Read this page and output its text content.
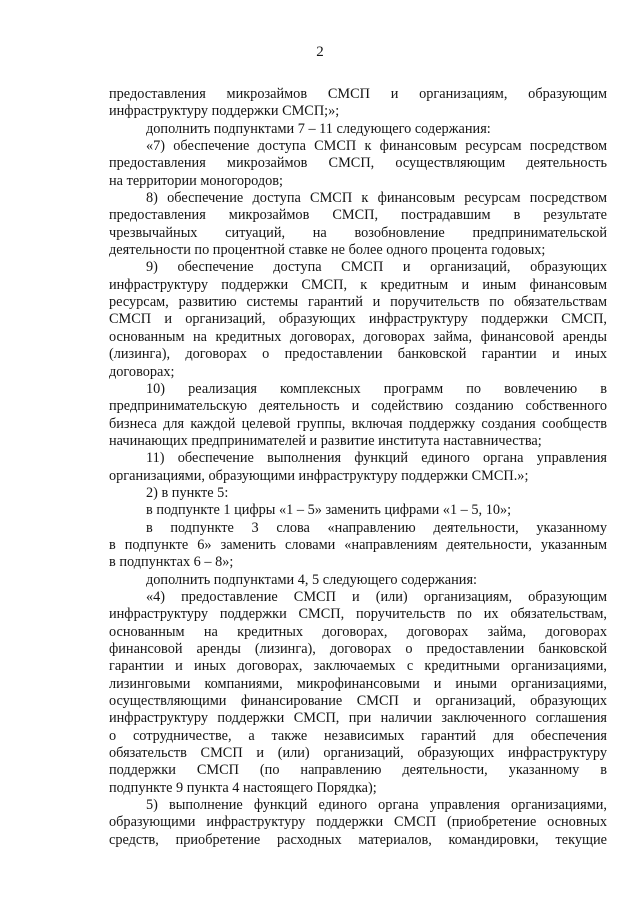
2
предоставления микрозаймов СМСП и организациям, образующим
инфраструктуру поддержки СМСП;»;
дополнить подпунктами 7 – 11 следующего содержания:
«7) обеспечение доступа СМСП к финансовым ресурсам посредством
предоставления микрозаймов СМСП, осуществляющим деятельность
на территории моногородов;
8) обеспечение доступа СМСП к финансовым ресурсам посредством
предоставления микрозаймов СМСП, пострадавшим в результате
чрезвычайных ситуаций, на возобновление предпринимательской
деятельности по процентной ставке не более одного процента годовых;
9) обеспечение доступа СМСП и организаций, образующих
инфраструктуру поддержки СМСП, к кредитным и иным финансовым
ресурсам, развитию системы гарантий и поручительств по обязательствам
СМСП и организаций, образующих инфраструктуру поддержки СМСП,
основанным на кредитных договорах, договорах займа, финансовой аренды
(лизинга), договорах о предоставлении банковской гарантии и иных
договорах;
10) реализация комплексных программ по вовлечению в
предпринимательскую деятельность и содействию созданию собственного
бизнеса для каждой целевой группы, включая поддержку создания сообществ
начинающих предпринимателей и развитие института наставничества;
11) обеспечение выполнения функций единого органа управления
организациями, образующими инфраструктуру поддержки СМСП.»;
2) в пункте 5:
в подпункте 1 цифры «1 – 5» заменить цифрами «1 – 5, 10»;
в подпункте 3 слова «направлению деятельности, указанному
в подпункте 6» заменить словами «направлениям деятельности, указанным
в подпунктах 6 – 8»;
дополнить подпунктами 4, 5 следующего содержания:
«4) предоставление СМСП и (или) организациям, образующим
инфраструктуру поддержки СМСП, поручительств по их обязательствам,
основанным на кредитных договорах, договорах займа, договорах
финансовой аренды (лизинга), договорах о предоставлении банковской
гарантии и иных договорах, заключаемых с кредитными организациями,
лизинговыми компаниями, микрофинансовыми и иными организациями,
осуществляющими финансирование СМСП и организаций, образующих
инфраструктуру поддержки СМСП, при наличии заключенного соглашения
о сотрудничестве, а также независимых гарантий для обеспечения
обязательств СМСП и (или) организаций, образующих инфраструктуру
поддержки СМСП (по направлению деятельности, указанному в
подпункте 9 пункта 4 настоящего Порядка);
5) выполнение функций единого органа управления организациями,
образующими инфраструктуру поддержки СМСП (приобретение основных
средств, приобретение расходных материалов, командировки, текущие
